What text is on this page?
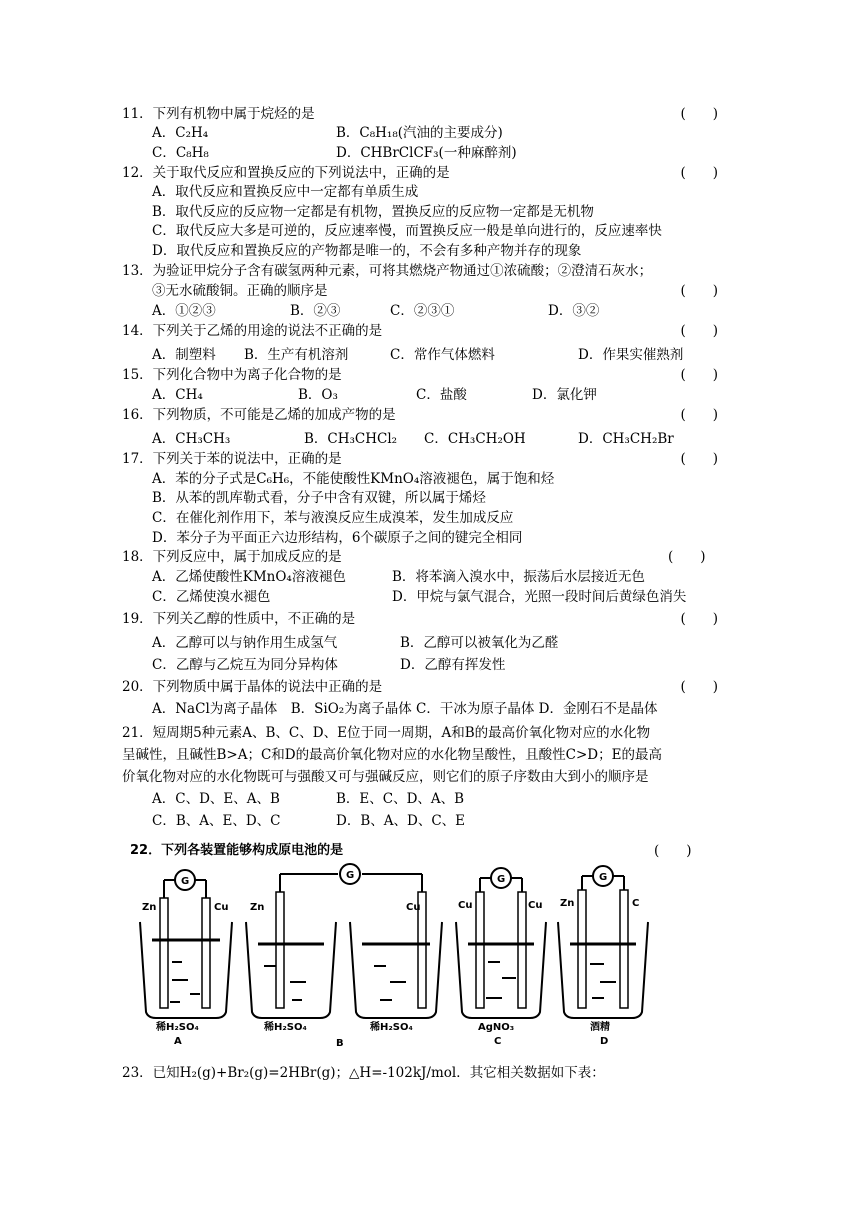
11．下列有机物中属于烷烃的是	(　　)
A．C₂H₄	B．C₈H₁₈(汽油的主要成分)
C．C₈H₈	D．CHBrClCF₃(一种麻醉剂)
12．关于取代反应和置换反应的下列说法中，正确的是	(　　)
A．取代反应和置换反应中一定都有单质生成
B．取代反应的反应物一定都是有机物，置换反应的反应物一定都是无机物
C．取代反应大多是可逆的，反应速率慢，而置换反应一般是单向进行的，反应速率快
D．取代反应和置换反应的产物都是唯一的，不会有多种产物并存的现象
13．为验证甲烷分子含有碳氢两种元素，可将其燃烧产物通过①浓硫酸；②澄清石灰水；
③无水硫酸铜。正确的顺序是	(　　)
A．①②③	B．②③	C．②③①	D．③②
14．下列关于乙烯的用途的说法不正确的是	(　　)
A．制塑料 B．生产有机溶剂	C．常作气体燃料	D．作果实催熟剂
15．下列化合物中为离子化合物的是	(　　)
A．CH₄	B．O₃	C．盐酸	D．氯化钾
16．下列物质，不可能是乙烯的加成产物的是	(　　)
A．CH₃CH₃	B．CH₃CHCl₂ C．CH₃CH₂OH	D．CH₃CH₂Br
17．下列关于苯的说法中，正确的是	(　　)
A．苯的分子式是C₆H₆，不能使酸性KMnO₄溶液褪色，属于饱和烃
B．从苯的凯库勒式看，分子中含有双键，所以属于烯烃
C．在催化剂作用下，苯与液溴反应生成溴苯，发生加成反应
D．苯分子为平面正六边形结构，6个碳原子之间的键完全相同
18．下列反应中，属于加成反应的是	(　　)
A．乙烯使酸性KMnO₄溶液褪色	B．将苯滴入溴水中，振荡后水层接近无色
C．乙烯使溴水褪色	D．甲烷与氯气混合，光照一段时间后黄绿色消失
19．下列关乙醇的性质中，不正确的是	(　　)
A．乙醇可以与钠作用生成氢气	B．乙醇可以被氧化为乙醛
C．乙醇与乙烷互为同分异构体	D．乙醇有挥发性
20．下列物质中属于晶体的说法中正确的是	(　　)
A．NaCl为离子晶体　B．SiO₂为离子晶体 C．干冰为原子晶体 D．金刚石不是晶体
21．短周期5种元素A、B、C、D、E位于同一周期，A和B的最高价氧化物对应的水化物
呈碱性，且碱性B>A；C和D的最高价氧化物对应的水化物呈酸性，且酸性C>D；E的最高
价氧化物对应的水化物既可与强酸又可与强碱反应，则它们的原子序数由大到小的顺序是
A．C、D、E、A、B	B．E、C、D、A、B
C．B、A、E、D、C	D．B、A、D、C、E
22．下列各装置能够构成原电池的是	(　　)
G
G	G	G
Zn	Cu Zn	Cu	Cu	Cu Zn	C
稀H₂SO₄	稀H₂SO₄	稀H₂SO₄	AgNO₃	酒精
A	B	C	D
23．已知H₂(g)+Br₂(g)=2HBr(g)；△H=-102kJ/mol．其它相关数据如下表：
